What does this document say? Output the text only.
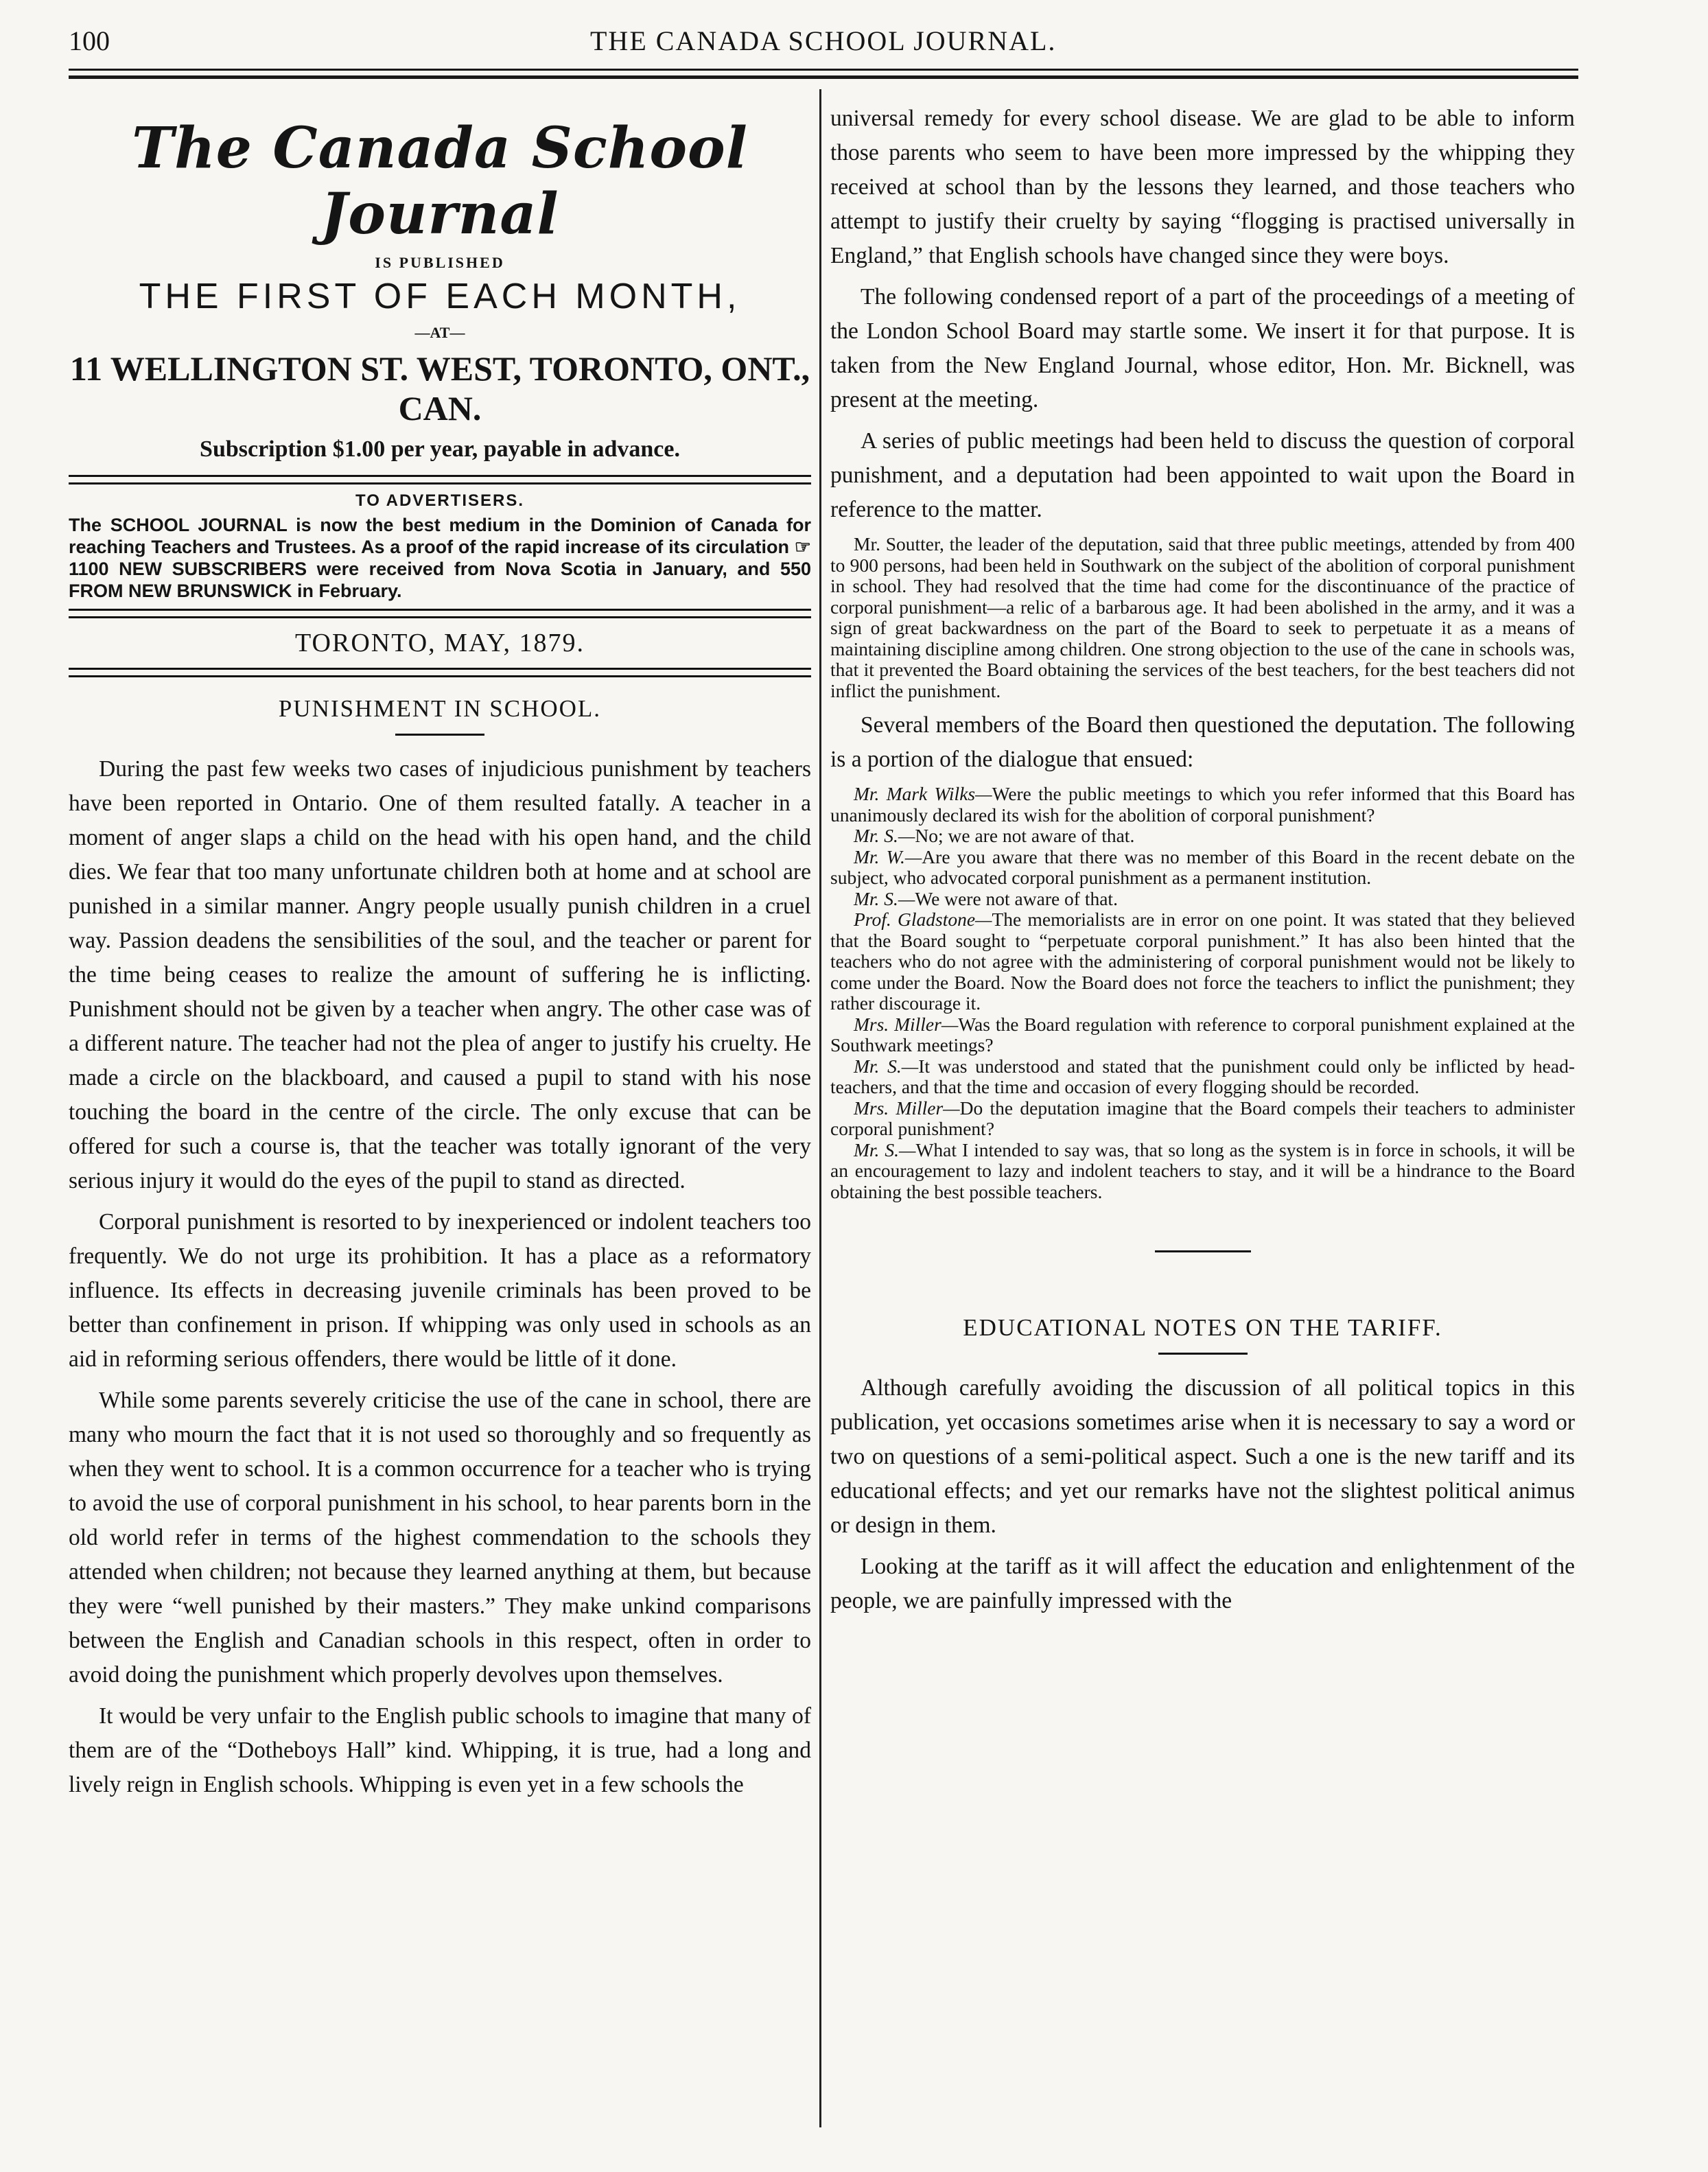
100	THE CANADA SCHOOL JOURNAL.
The Canada School Journal
IS PUBLISHED
THE FIRST OF EACH MONTH,
—AT—
11 WELLINGTON ST. WEST, TORONTO, ONT., CAN.
Subscription $1.00 per year, payable in advance.
TO ADVERTISERS.
The SCHOOL JOURNAL is now the best medium in the Dominion of Canada for reaching Teachers and Trustees. As a proof of the rapid increase of its circulation ☞ 1100 NEW SUBSCRIBERS were received from Nova Scotia in January, and 550 FROM NEW BRUNSWICK in February.
TORONTO, MAY, 1879.
PUNISHMENT IN SCHOOL.

During the past few weeks two cases of injudicious punishment by teachers have been reported in Ontario. One of them resulted fatally. A teacher in a moment of anger slaps a child on the head with his open hand, and the child dies. We fear that too many unfortunate children both at home and at school are punished in a similar manner. Angry people usually punish children in a cruel way. Passion deadens the sensibilities of the soul, and the teacher or parent for the time being ceases to realize the amount of suffering he is inflicting. Punishment should not be given by a teacher when angry. The other case was of a different nature. The teacher had not the plea of anger to justify his cruelty. He made a circle on the blackboard, and caused a pupil to stand with his nose touching the board in the centre of the circle. The only excuse that can be offered for such a course is, that the teacher was totally ignorant of the very serious injury it would do the eyes of the pupil to stand as directed.

Corporal punishment is resorted to by inexperienced or indolent teachers too frequently. We do not urge its prohibition. It has a place as a reformatory influence. Its effects in decreasing juvenile criminals has been proved to be better than confinement in prison. If whipping was only used in schools as an aid in reforming serious offenders, there would be little of it done.

While some parents severely criticise the use of the cane in school, there are many who mourn the fact that it is not used so thoroughly and so frequently as when they went to school. It is a common occurrence for a teacher who is trying to avoid the use of corporal punishment in his school, to hear parents born in the old world refer in terms of the highest commendation to the schools they attended when children; not because they learned anything at them, but because they were “well punished by their masters.” They make unkind comparisons between the English and Canadian schools in this respect, often in order to avoid doing the punishment which properly devolves upon themselves.

It would be very unfair to the English public schools to imagine that many of them are of the “Dotheboys Hall” kind. Whipping, it is true, had a long and lively reign in English schools. Whipping is even yet in a few schools the

universal remedy for every school disease. We are glad to be able to inform those parents who seem to have been more impressed by the whipping they received at school than by the lessons they learned, and those teachers who attempt to justify their cruelty by saying “flogging is practised universally in England,” that English schools have changed since they were boys.

The following condensed report of a part of the proceedings of a meeting of the London School Board may startle some. We insert it for that purpose. It is taken from the New England Journal, whose editor, Hon. Mr. Bicknell, was present at the meeting.

A series of public meetings had been held to discuss the question of corporal punishment, and a deputation had been appointed to wait upon the Board in reference to the matter.

Mr. Soutter, the leader of the deputation, said that three public meetings, attended by from 400 to 900 persons, had been held in Southwark on the subject of the abolition of corporal punishment in school. They had resolved that the time had come for the discontinuance of the practice of corporal punishment—a relic of a barbarous age. It had been abolished in the army, and it was a sign of great backwardness on the part of the Board to seek to perpetuate it as a means of maintaining discipline among children. One strong objection to the use of the cane in schools was, that it prevented the Board obtaining the services of the best teachers, for the best teachers did not inflict the punishment.

Several members of the Board then questioned the deputation. The following is a portion of the dialogue that ensued:

Mr. Mark Wilks—Were the public meetings to which you refer informed that this Board has unanimously declared its wish for the abolition of corporal punishment?

Mr. S.—No; we are not aware of that.

Mr. W.—Are you aware that there was no member of this Board in the recent debate on the subject, who advocated corporal punishment as a permanent institution.

Mr. S.—We were not aware of that.

Prof. Gladstone—The memorialists are in error on one point. It was stated that they believed that the Board sought to “perpetuate corporal punishment.” It has also been hinted that the teachers who do not agree with the administering of corporal punishment would not be likely to come under the Board. Now the Board does not force the teachers to inflict the punishment; they rather discourage it.

Mrs. Miller—Was the Board regulation with reference to corporal punishment explained at the Southwark meetings?

Mr. S.—It was understood and stated that the punishment could only be inflicted by head-teachers, and that the time and occasion of every flogging should be recorded.

Mrs. Miller—Do the deputation imagine that the Board compels their teachers to administer corporal punishment?

Mr. S.—What I intended to say was, that so long as the system is in force in schools, it will be an encouragement to lazy and indolent teachers to stay, and it will be a hindrance to the Board obtaining the best possible teachers.

EDUCATIONAL NOTES ON THE TARIFF.

Although carefully avoiding the discussion of all political topics in this publication, yet occasions sometimes arise when it is necessary to say a word or two on questions of a semi-political aspect. Such a one is the new tariff and its educational effects; and yet our remarks have not the slightest political animus or design in them.

Looking at the tariff as it will affect the education and enlightenment of the people, we are painfully impressed with the
